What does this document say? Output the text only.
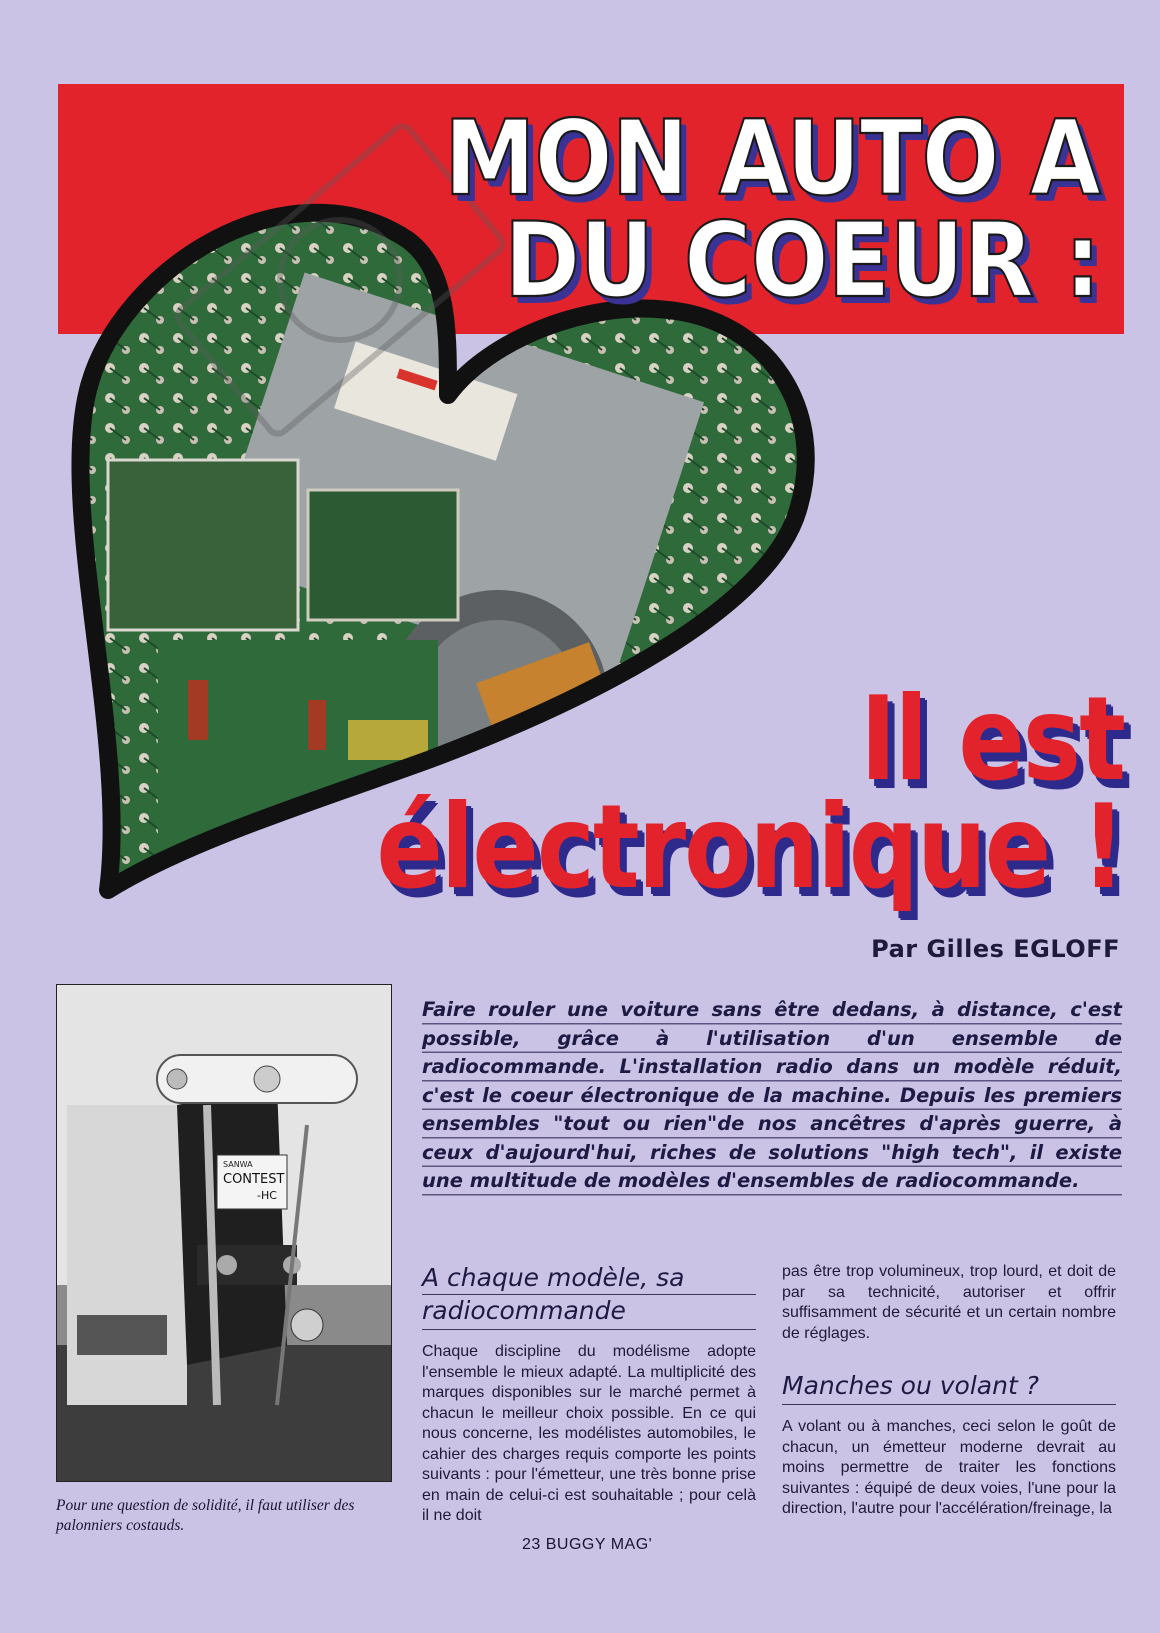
MON AUTO A
DU COEUR :
Il est
électronique !
Par Gilles EGLOFF
SANWA
CONTEST
-HC
Pour une question de solidité, il faut utiliser des palonniers costauds.
Faire rouler une voiture sans être dedans, à distance, c'est possible, grâce à l'utilisation d'un ensemble de radiocommande. L'installation radio dans un modèle réduit, c'est le coeur électronique de la machine. Depuis les premiers ensembles "tout ou rien"de nos ancêtres d'après guerre, à ceux d'aujourd'hui, riches de solutions "high tech", il existe une multitude de modèles d'ensembles de radiocommande.
A chaque modèle, sa
radiocommande

Chaque discipline du modélisme adopte l'ensemble le mieux adapté. La multiplicité des marques disponibles sur le marché permet à chacun le meilleur choix possible. En ce qui nous concerne, les modélistes automobiles, le cahier des charges requis comporte les points suivants : pour l'émetteur, une très bonne prise en main de celui-ci est souhaitable ; pour celà il ne doit

pas être trop volumineux, trop lourd, et doit de par sa technicité, autoriser et offrir suffisamment de sécurité et un certain nombre de réglages.

Manches ou volant ?

A volant ou à manches, ceci selon le goût de chacun, un émetteur moderne devrait au moins permettre de traiter les fonctions suivantes : équipé de deux voies, l'une pour la direction, l'autre pour l'accélération/freinage, la

23 BUGGY MAG'
